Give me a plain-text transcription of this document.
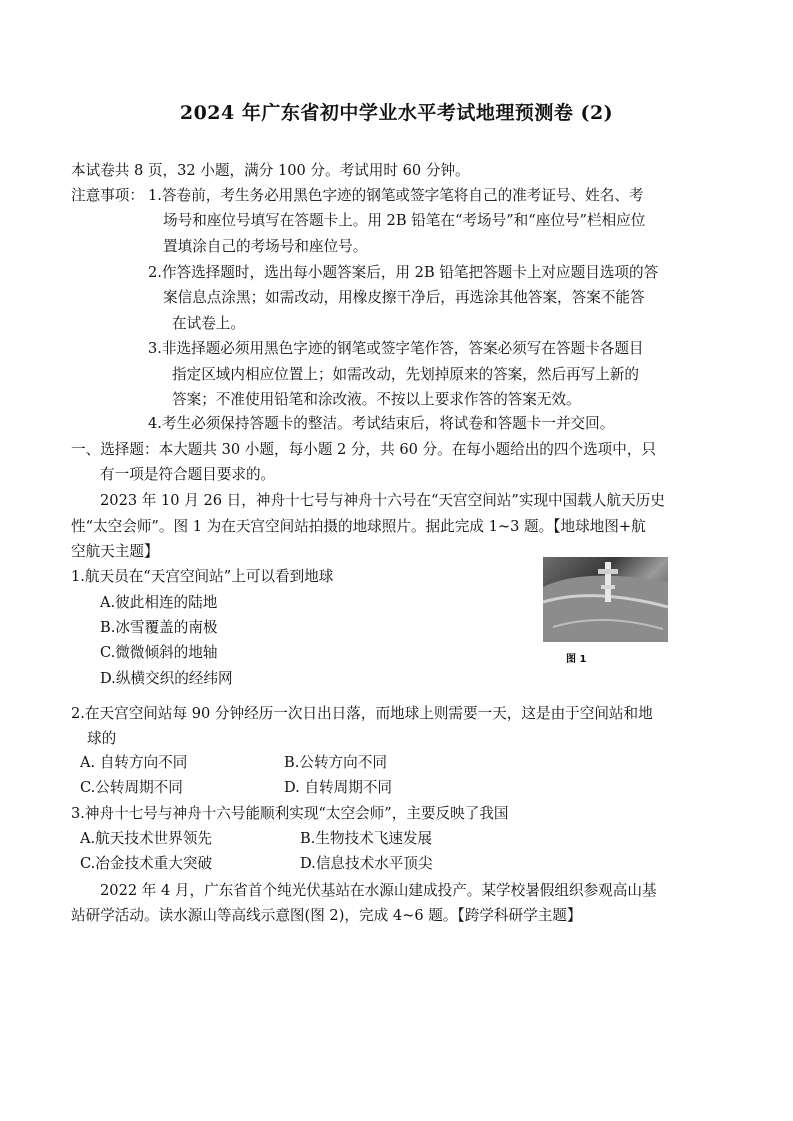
2024 年广东省初中学业水平考试地理预测卷 (2)
本试卷共 8 页，32 小题，满分 100 分。考试用时 60 分钟。
注意事项： 1.答卷前，考生务必用黑色字迹的钢笔或签字笔将自己的准考证号、姓名、考
场号和座位号填写在答题卡上。用 2B 铅笔在“考场号”和“座位号”栏相应位
置填涂自己的考场号和座位号。
2.作答选择题时，选出每小题答案后，用 2B 铅笔把答题卡上对应题目选项的答
案信息点涂黑；如需改动，用橡皮擦干净后，再选涂其他答案，答案不能答
在试卷上。
3.非选择题必须用黑色字迹的钢笔或签字笔作答，答案必须写在答题卡各题目
指定区域内相应位置上；如需改动，先划掉原来的答案，然后再写上新的
答案；不准使用铅笔和涂改液。不按以上要求作答的答案无效。
4.考生必须保持答题卡的整洁。考试结束后，将试卷和答题卡一并交回。
一、选择题：本大题共 30 小题，每小题 2 分，共 60 分。在每小题给出的四个选项中，只
有一项是符合题目要求的。
2023 年 10 月 26 日，神舟十七号与神舟十六号在“天宫空间站”实现中国载人航天历史
性“太空会师”。图 1 为在天宫空间站拍摄的地球照片。据此完成 1~3 题。【地球地图+航
空航天主题】
图 1
1.航天员在“天宫空间站”上可以看到地球
A.彼此相连的陆地
B.冰雪覆盖的南极
C.微微倾斜的地轴
D.纵横交织的经纬网
2.在天宫空间站每 90 分钟经历一次日出日落，而地球上则需要一天，这是由于空间站和地
球的
A. 自转方向不同	B.公转方向不同
C.公转周期不同	D. 自转周期不同
3.神舟十七号与神舟十六号能顺利实现“太空会师”，主要反映了我国
A.航天技术世界领先	B.生物技术飞速发展
C.冶金技术重大突破	D.信息技术水平顶尖
2022 年 4 月，广东省首个纯光伏基站在水源山建成投产。某学校暑假组织参观高山基
站研学活动。读水源山等高线示意图(图 2)，完成 4~6 题。【跨学科研学主题】
